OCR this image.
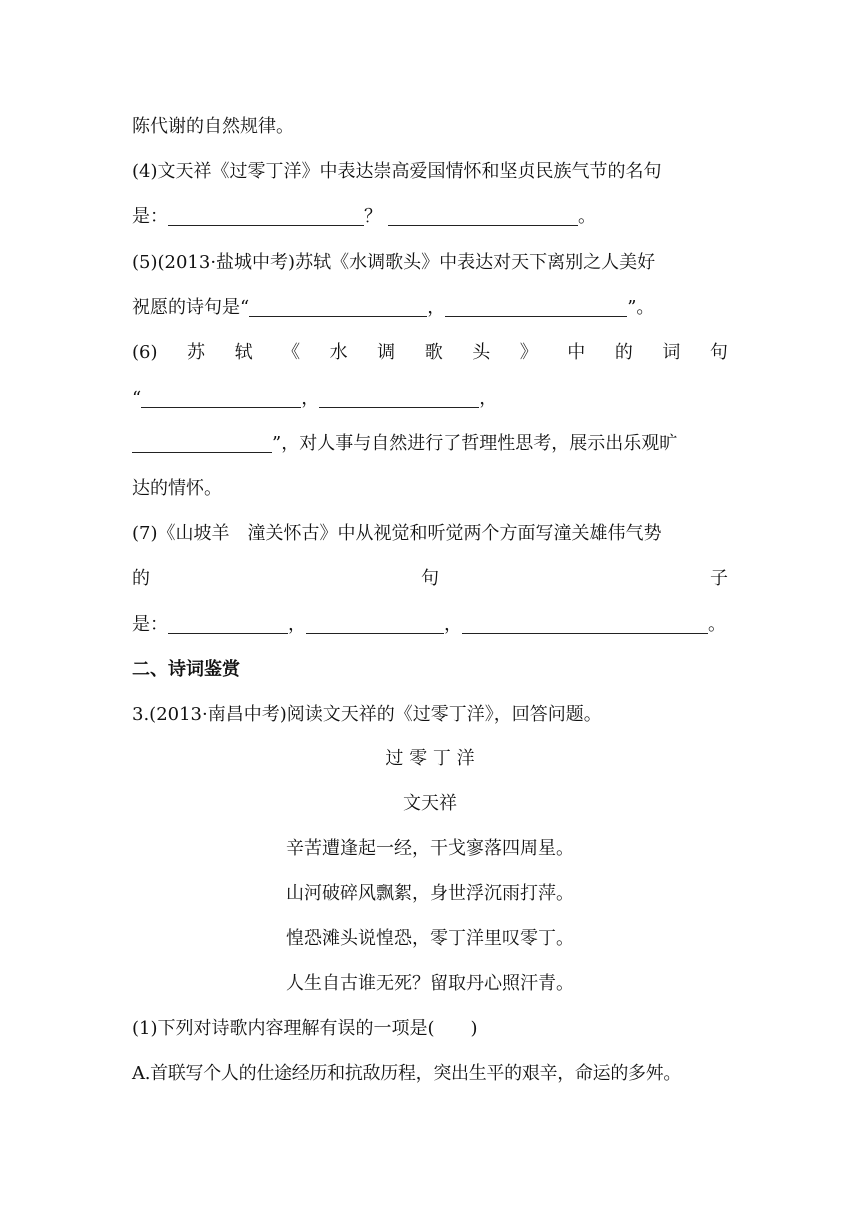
陈代谢的自然规律。
(4)文天祥《过零丁洋》中表达崇高爱国情怀和坚贞民族气节的名句
是：	？	。
(5)(2013·盐城中考)苏轼《水调歌头》中表达对天下离别之人美好
祝愿的诗句是“	，	”。
(6) 苏 轼 《 水 调 歌 头 》 中 的 词 句
“	，	，
”，对人事与自然进行了哲理性思考，展示出乐观旷
达的情怀。
(7)《山坡羊　潼关怀古》中从视觉和听觉两个方面写潼关雄伟气势
的	句	子
是：	，	，	。
二、诗词鉴赏
3.(2013·南昌中考)阅读文天祥的《过零丁洋》，回答问题。
过 零 丁 洋
文天祥
辛苦遭逢起一经，干戈寥落四周星。
山河破碎风飘絮，身世浮沉雨打萍。
惶恐滩头说惶恐，零丁洋里叹零丁。
人生自古谁无死？留取丹心照汗青。
(1)下列对诗歌内容理解有误的一项是(　　)
A.首联写个人的仕途经历和抗敌历程，突出生平的艰辛，命运的多舛。
